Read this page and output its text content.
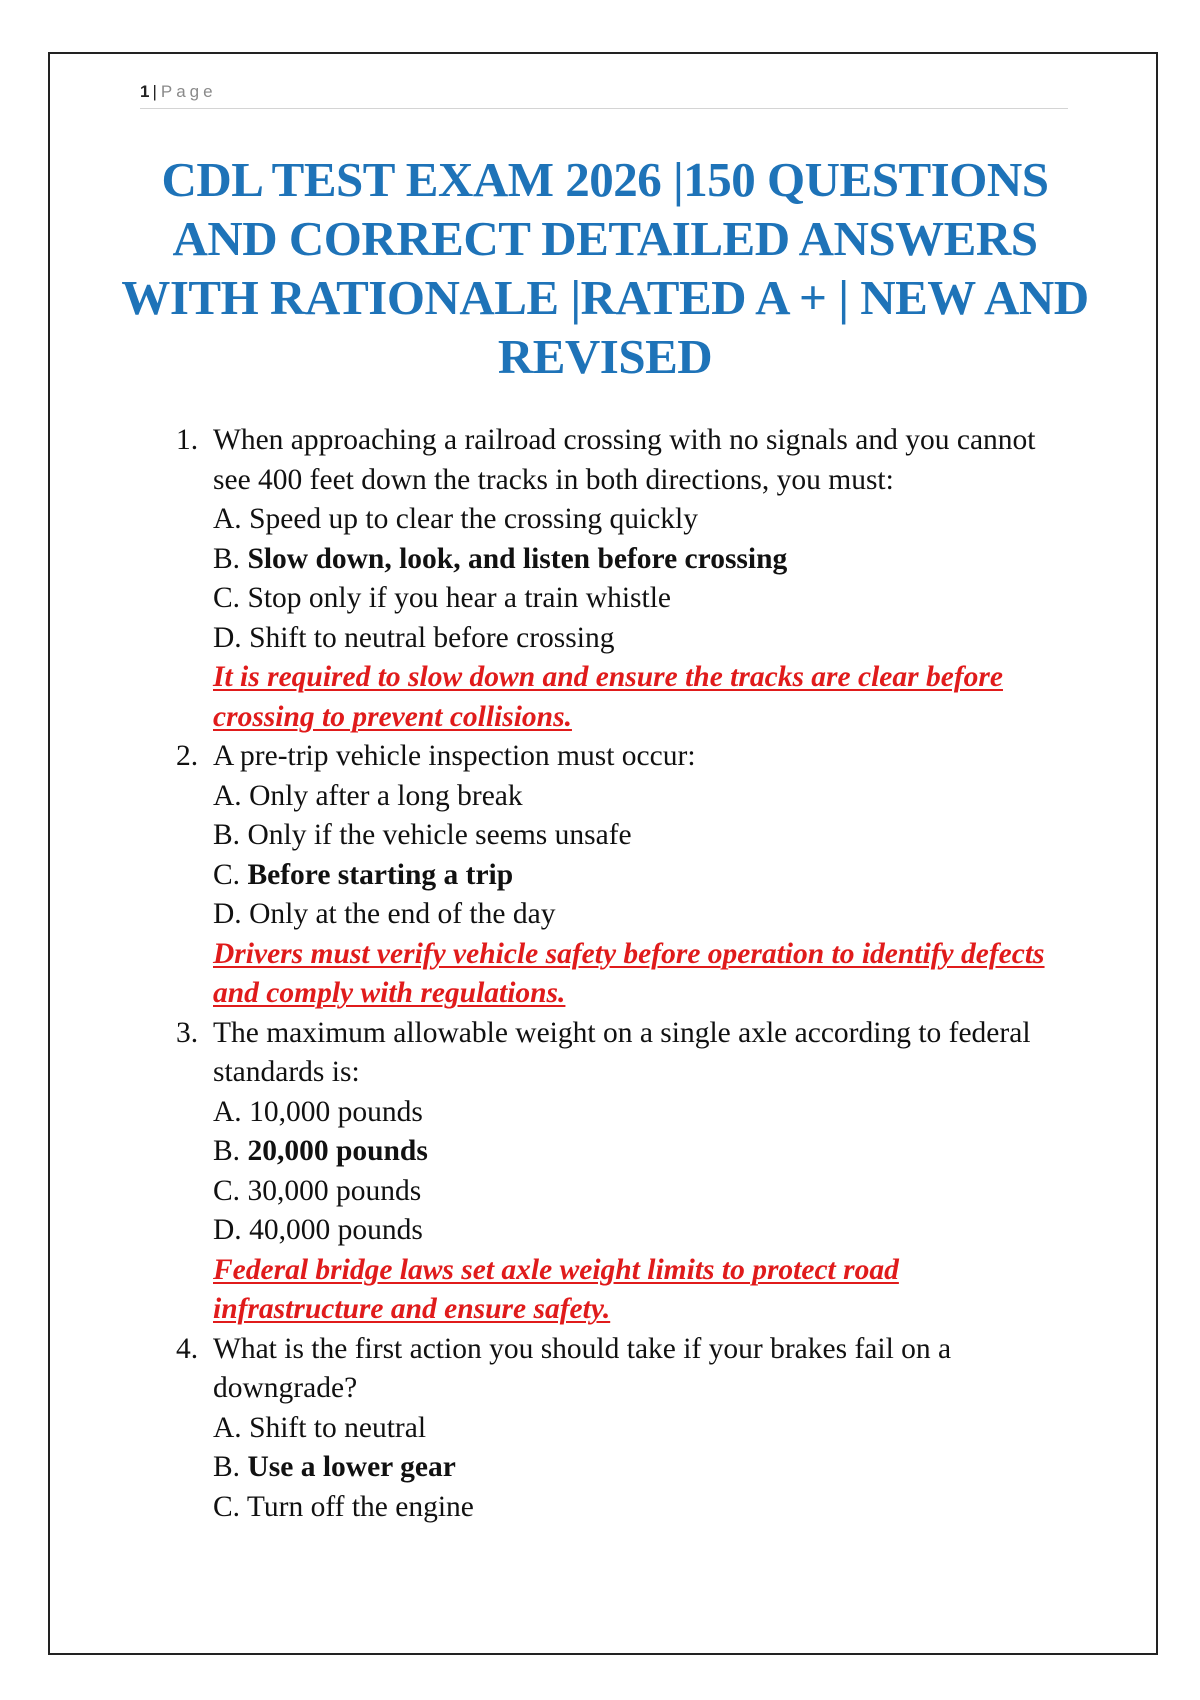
1 | Page
CDL TEST EXAM 2026 |150 QUESTIONS AND CORRECT DETAILED ANSWERS WITH RATIONALE |RATED A + | NEW AND REVISED
1. When approaching a railroad crossing with no signals and you cannot see 400 feet down the tracks in both directions, you must:
A. Speed up to clear the crossing quickly
B. Slow down, look, and listen before crossing
C. Stop only if you hear a train whistle
D. Shift to neutral before crossing
It is required to slow down and ensure the tracks are clear before crossing to prevent collisions.
2. A pre-trip vehicle inspection must occur:
A. Only after a long break
B. Only if the vehicle seems unsafe
C. Before starting a trip
D. Only at the end of the day
Drivers must verify vehicle safety before operation to identify defects and comply with regulations.
3. The maximum allowable weight on a single axle according to federal standards is:
A. 10,000 pounds
B. 20,000 pounds
C. 30,000 pounds
D. 40,000 pounds
Federal bridge laws set axle weight limits to protect road infrastructure and ensure safety.
4. What is the first action you should take if your brakes fail on a downgrade?
A. Shift to neutral
B. Use a lower gear
C. Turn off the engine
